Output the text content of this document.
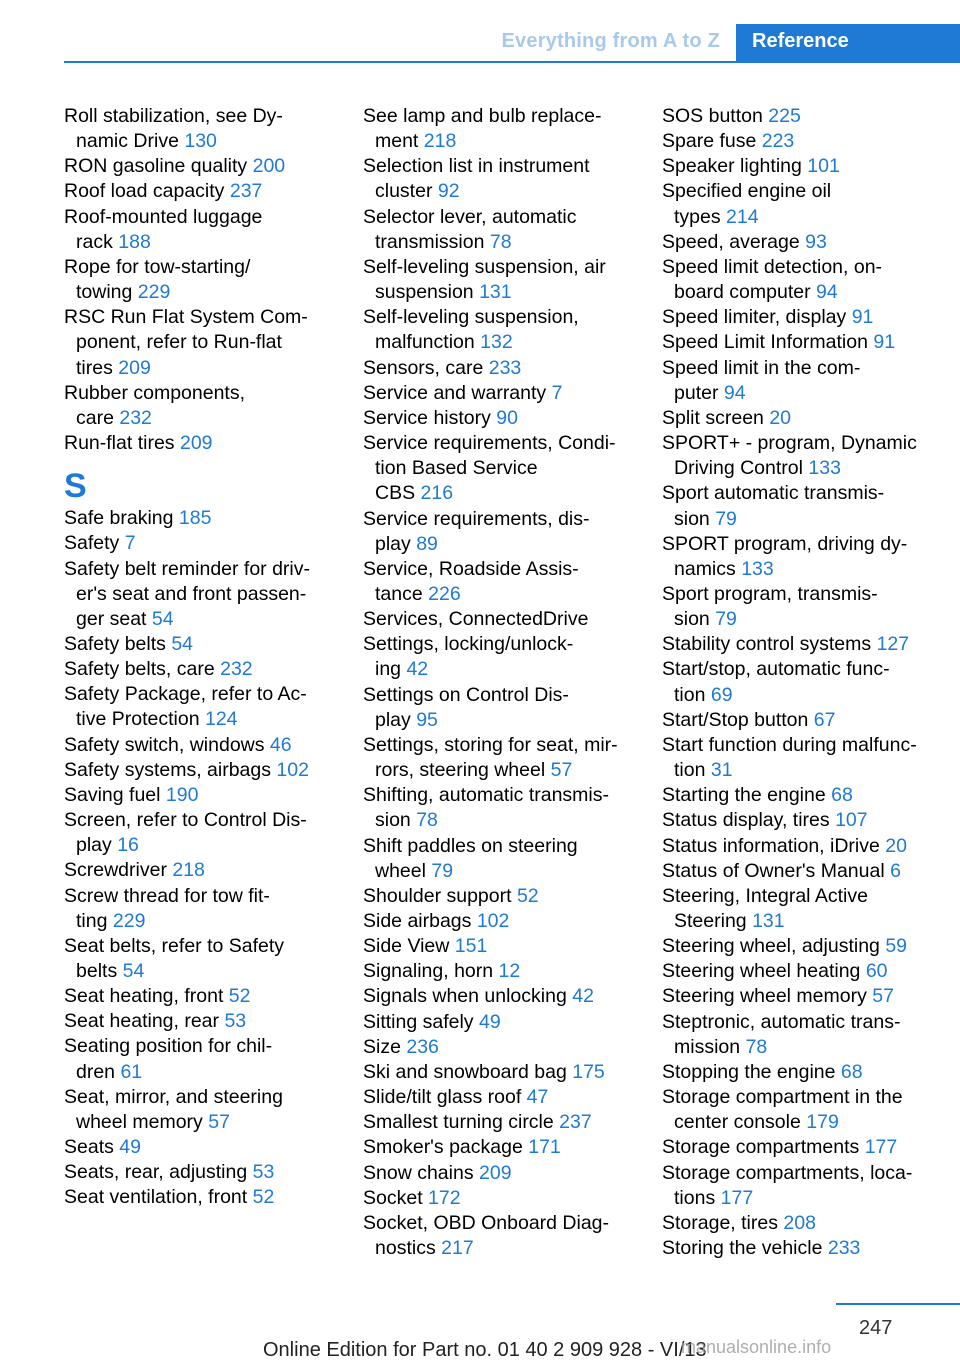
Everything from A to Z	Reference
Roll stabilization, see Dy‐
namic Drive 130
RON gasoline quality 200
Roof load capacity 237
Roof-mounted luggage
rack 188
Rope for tow-starting/
towing 229
RSC Run Flat System Com‐
ponent, refer to Run-flat
tires 209
Rubber components,
care 232
Run-flat tires 209
S
Safe braking 185
Safety 7
Safety belt reminder for driv‐
er's seat and front passen‐
ger seat 54
Safety belts 54
Safety belts, care 232
Safety Package, refer to Ac‐
tive Protection 124
Safety switch, windows 46
Safety systems, airbags 102
Saving fuel 190
Screen, refer to Control Dis‐
play 16
Screwdriver 218
Screw thread for tow fit‐
ting 229
Seat belts, refer to Safety
belts 54
Seat heating, front 52
Seat heating, rear 53
Seating position for chil‐
dren 61
Seat, mirror, and steering
wheel memory 57
Seats 49
Seats, rear, adjusting 53
Seat ventilation, front 52
See lamp and bulb replace‐
ment 218
Selection list in instrument
cluster 92
Selector lever, automatic
transmission 78
Self-leveling suspension, air
suspension 131
Self-leveling suspension,
malfunction 132
Sensors, care 233
Service and warranty 7
Service history 90
Service requirements, Condi‐
tion Based Service
CBS 216
Service requirements, dis‐
play 89
Service, Roadside Assis‐
tance 226
Services, ConnectedDrive
Settings, locking/unlock‐
ing 42
Settings on Control Dis‐
play 95
Settings, storing for seat, mir‐
rors, steering wheel 57
Shifting, automatic transmis‐
sion 78
Shift paddles on steering
wheel 79
Shoulder support 52
Side airbags 102
Side View 151
Signaling, horn 12
Signals when unlocking 42
Sitting safely 49
Size 236
Ski and snowboard bag 175
Slide/tilt glass roof 47
Smallest turning circle 237
Smoker's package 171
Snow chains 209
Socket 172
Socket, OBD Onboard Diag‐
nostics 217
SOS button 225
Spare fuse 223
Speaker lighting 101
Specified engine oil
types 214
Speed, average 93
Speed limit detection, on-
board computer 94
Speed limiter, display 91
Speed Limit Information 91
Speed limit in the com‐
puter 94
Split screen 20
SPORT+ - program, Dynamic
Driving Control 133
Sport automatic transmis‐
sion 79
SPORT program, driving dy‐
namics 133
Sport program, transmis‐
sion 79
Stability control systems 127
Start/stop, automatic func‐
tion 69
Start/Stop button 67
Start function during malfunc‐
tion 31
Starting the engine 68
Status display, tires 107
Status information, iDrive 20
Status of Owner's Manual 6
Steering, Integral Active
Steering 131
Steering wheel, adjusting 59
Steering wheel heating 60
Steering wheel memory 57
Steptronic, automatic trans‐
mission 78
Stopping the engine 68
Storage compartment in the
center console 179
Storage compartments 177
Storage compartments, loca‐
tions 177
Storage, tires 208
Storing the vehicle 233
247
Online Edition for Part no. 01 40 2 909 928 - VI/13
manualsonline.info
